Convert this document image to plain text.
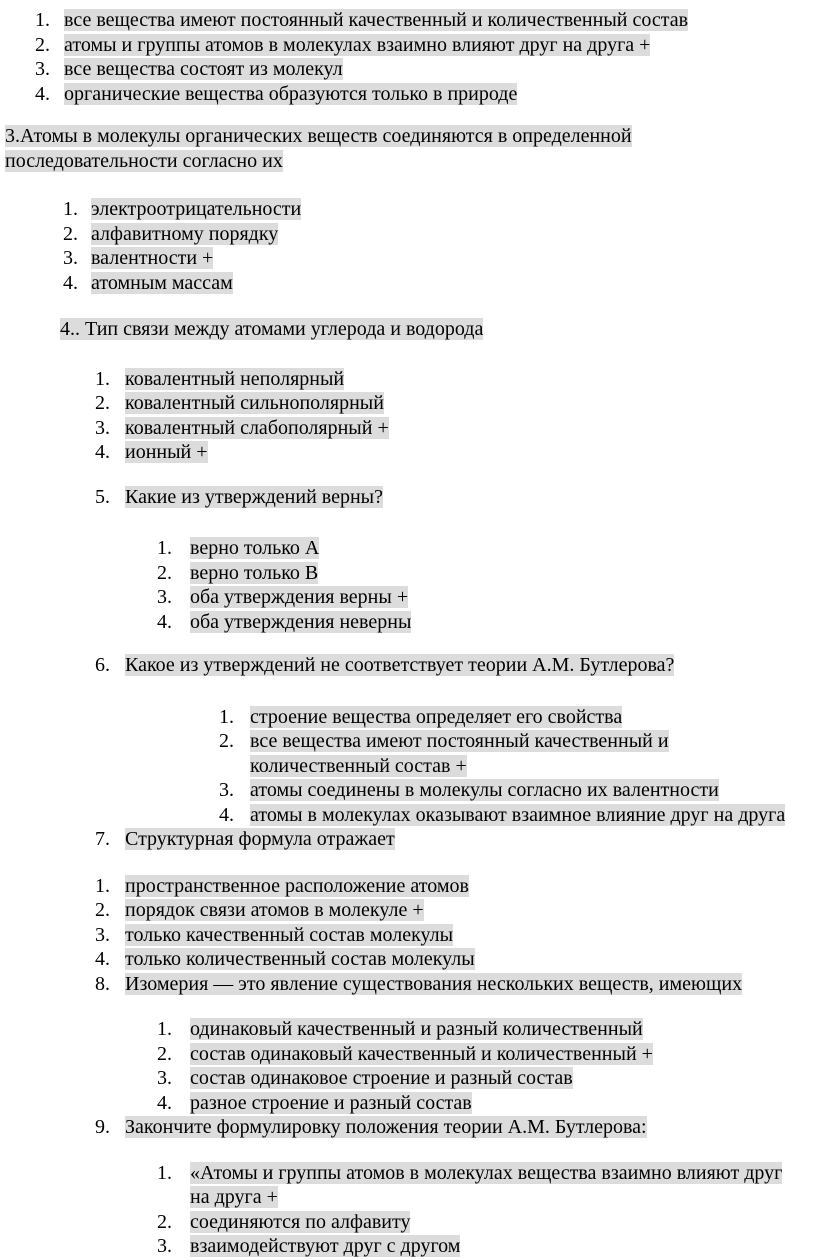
1. все вещества имеют постоянный качественный и количественный состав
2. атомы и группы атомов в молекулах взаимно влияют друг на друга +
3. все вещества состоят из молекул
4. органические вещества образуются только в природе
3.Атомы в молекулы органических веществ соединяются в определенной последовательности согласно их
1. электроотрицательности
2. алфавитному порядку
3. валентности +
4. атомным массам
4.. Тип связи между атомами углерода и водорода
1. ковалентный неполярный
2. ковалентный сильнополярный
3. ковалентный слабополярный +
4. ионный +
5. Какие из утверждений верны?
1. верно только А
2. верно только В
3. оба утверждения верны +
4. оба утверждения неверны
6. Какое из утверждений не соответствует теории А.М. Бутлерова?
1. строение вещества определяет его свойства
2. все вещества имеют постоянный качественный и количественный состав +
3. атомы соединены в молекулы согласно их валентности
4. атомы в молекулах оказывают взаимное влияние друг на друга
7. Структурная формула отражает
1. пространственное расположение атомов
2. порядок связи атомов в молекуле +
3. только качественный состав молекулы
4. только количественный состав молекулы
8. Изомерия — это явление существования нескольких веществ, имеющих
1. одинаковый качественный и разный количественный
2. состав одинаковый качественный и количественный +
3. состав одинаковое строение и разный состав
4. разное строение и разный состав
9. Закончите формулировку положения теории А.М. Бутлерова:
1. «Атомы и группы атомов в молекулах вещества взаимно влияют друг на друга +
2. соединяются по алфавиту
3. взаимодействуют друг с другом
